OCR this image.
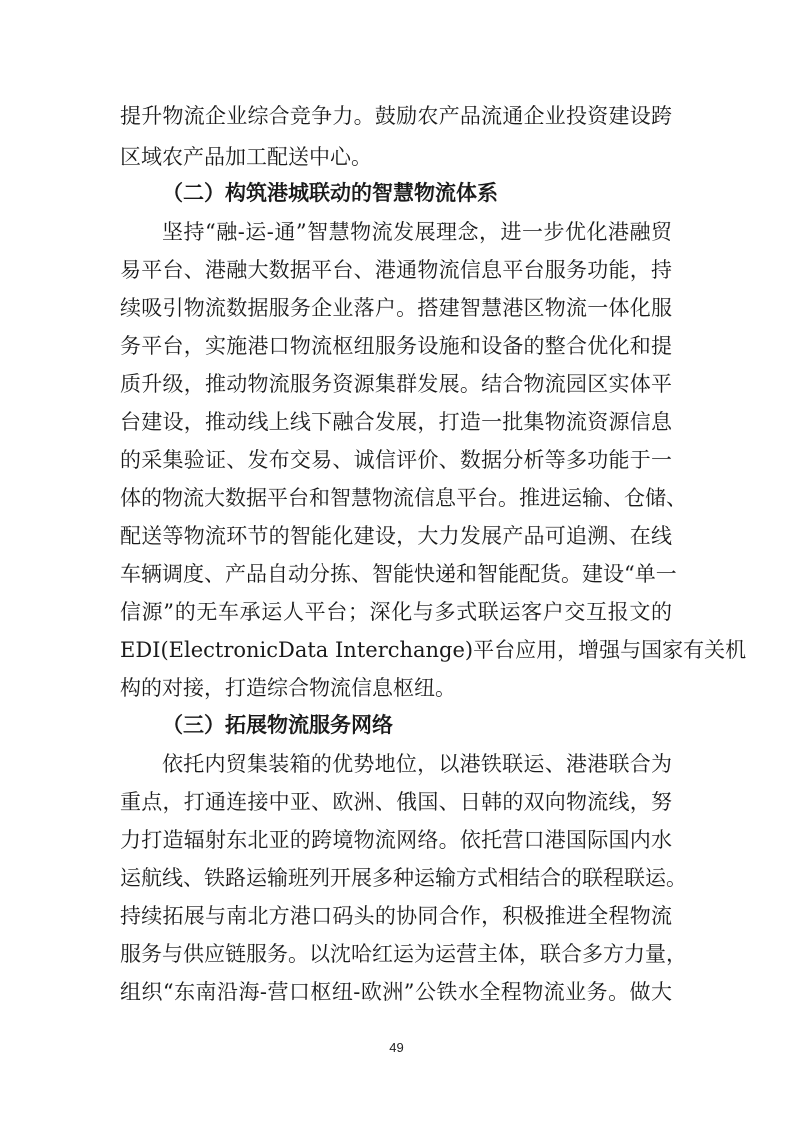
提升物流企业综合竞争力。鼓励农产品流通企业投资建设跨
区域农产品加工配送中心。
（二）构筑港城联动的智慧物流体系
坚持“融-运-通”智慧物流发展理念，进一步优化港融贸
易平台、港融大数据平台、港通物流信息平台服务功能，持
续吸引物流数据服务企业落户。搭建智慧港区物流一体化服
务平台，实施港口物流枢纽服务设施和设备的整合优化和提
质升级，推动物流服务资源集群发展。结合物流园区实体平
台建设，推动线上线下融合发展，打造一批集物流资源信息
的采集验证、发布交易、诚信评价、数据分析等多功能于一
体的物流大数据平台和智慧物流信息平台。推进运输、仓储、
配送等物流环节的智能化建设，大力发展产品可追溯、在线
车辆调度、产品自动分拣、智能快递和智能配货。建设“单一
信源”的无车承运人平台；深化与多式联运客户交互报文的
EDI(ElectronicData Interchange)平台应用，增强与国家有关机
构的对接，打造综合物流信息枢纽。
（三）拓展物流服务网络
依托内贸集装箱的优势地位，以港铁联运、港港联合为
重点，打通连接中亚、欧洲、俄国、日韩的双向物流线，努
力打造辐射东北亚的跨境物流网络。依托营口港国际国内水
运航线、铁路运输班列开展多种运输方式相结合的联程联运。
持续拓展与南北方港口码头的协同合作，积极推进全程物流
服务与供应链服务。以沈哈红运为运营主体，联合多方力量，
组织“东南沿海-营口枢纽-欧洲”公铁水全程物流业务。做大
49
